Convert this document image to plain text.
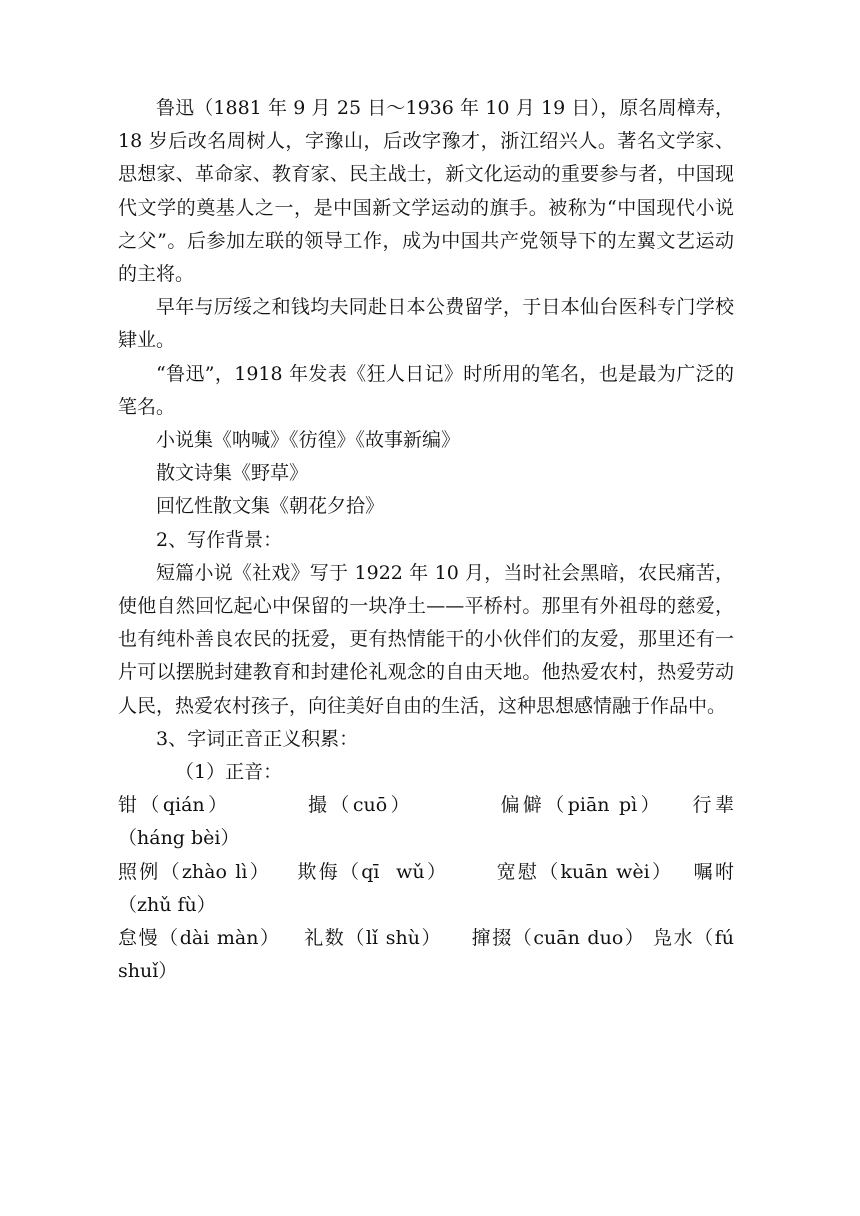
鲁迅（1881 年 9 月 25 日～1936 年 10 月 19 日），原名周樟寿，18 岁后改名周树人，字豫山，后改字豫才，浙江绍兴人。著名文学家、思想家、革命家、教育家、民主战士，新文化运动的重要参与者，中国现代文学的奠基人之一，是中国新文学运动的旗手。被称为“中国现代小说之父”。后参加左联的领导工作，成为中国共产党领导下的左翼文艺运动的主将。

早年与厉绥之和钱均夫同赴日本公费留学，于日本仙台医科专门学校肄业。

“鲁迅”，1918 年发表《狂人日记》时所用的笔名，也是最为广泛的笔名。

小说集《呐喊》《彷徨》《故事新编》

散文诗集《野草》

回忆性散文集《朝花夕拾》

2、写作背景：

短篇小说《社戏》写于 1922 年 10 月，当时社会黑暗，农民痛苦，使他自然回忆起心中保留的一块净土——平桥村。那里有外祖母的慈爱，也有纯朴善良农民的抚爱，更有热情能干的小伙伴们的友爱，那里还有一片可以摆脱封建教育和封建伦礼观念的自由天地。他热爱农村，热爱劳动人民，热爱农村孩子，向往美好自由的生活，这种思想感情融于作品中。

3、字词正音正义积累：

（1）正音：

钳（qián）	撮（cuō）	偏僻（piān pì） 行辈（háng bèi）

照例（zhào lì） 欺侮（qī  wǔ） 宽慰（kuān wèi） 嘱咐（zhǔ fù）

怠慢（dài màn） 礼数（lǐ shù） 撺掇（cuān duo） 凫水（fú shuǐ）
